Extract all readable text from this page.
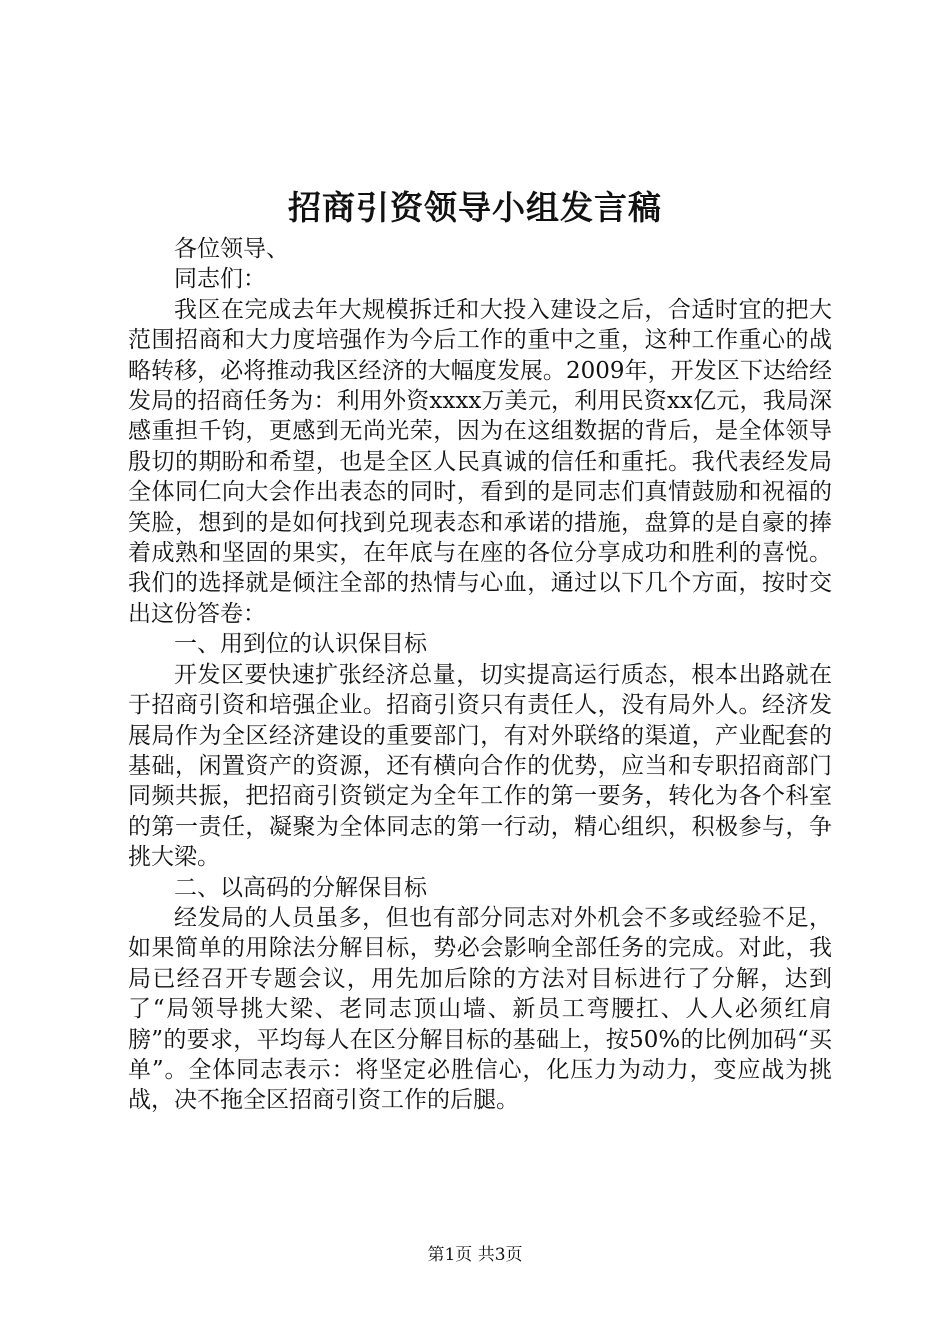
招商引资领导小组发言稿

各位领导、

同志们：

我区在完成去年大规模拆迁和大投入建设之后，合适时宜的把大范围招商和大力度培强作为今后工作的重中之重，这种工作重心的战略转移，必将推动我区经济的大幅度发展。2009年，开发区下达给经发局的招商任务为：利用外资xxxx万美元，利用民资xx亿元，我局深感重担千钧，更感到无尚光荣，因为在这组数据的背后，是全体领导殷切的期盼和希望，也是全区人民真诚的信任和重托。我代表经发局全体同仁向大会作出表态的同时，看到的是同志们真情鼓励和祝福的笑脸，想到的是如何找到兑现表态和承诺的措施，盘算的是自豪的捧着成熟和坚固的果实，在年底与在座的各位分享成功和胜利的喜悦。我们的选择就是倾注全部的热情与心血，通过以下几个方面，按时交出这份答卷：

一、用到位的认识保目标

开发区要快速扩张经济总量，切实提高运行质态，根本出路就在于招商引资和培强企业。招商引资只有责任人，没有局外人。经济发展局作为全区经济建设的重要部门，有对外联络的渠道，产业配套的基础，闲置资产的资源，还有横向合作的优势，应当和专职招商部门同频共振，把招商引资锁定为全年工作的第一要务，转化为各个科室的第一责任，凝聚为全体同志的第一行动，精心组织，积极参与，争挑大梁。

二、以高码的分解保目标

经发局的人员虽多，但也有部分同志对外机会不多或经验不足，如果简单的用除法分解目标，势必会影响全部任务的完成。对此，我局已经召开专题会议，用先加后除的方法对目标进行了分解，达到了“局领导挑大梁、老同志顶山墙、新员工弯腰扛、人人必须红肩膀”的要求，平均每人在区分解目标的基础上，按50%的比例加码“买单”。全体同志表示：将坚定必胜信心，化压力为动力，变应战为挑战，决不拖全区招商引资工作的后腿。

第1页 共3页
